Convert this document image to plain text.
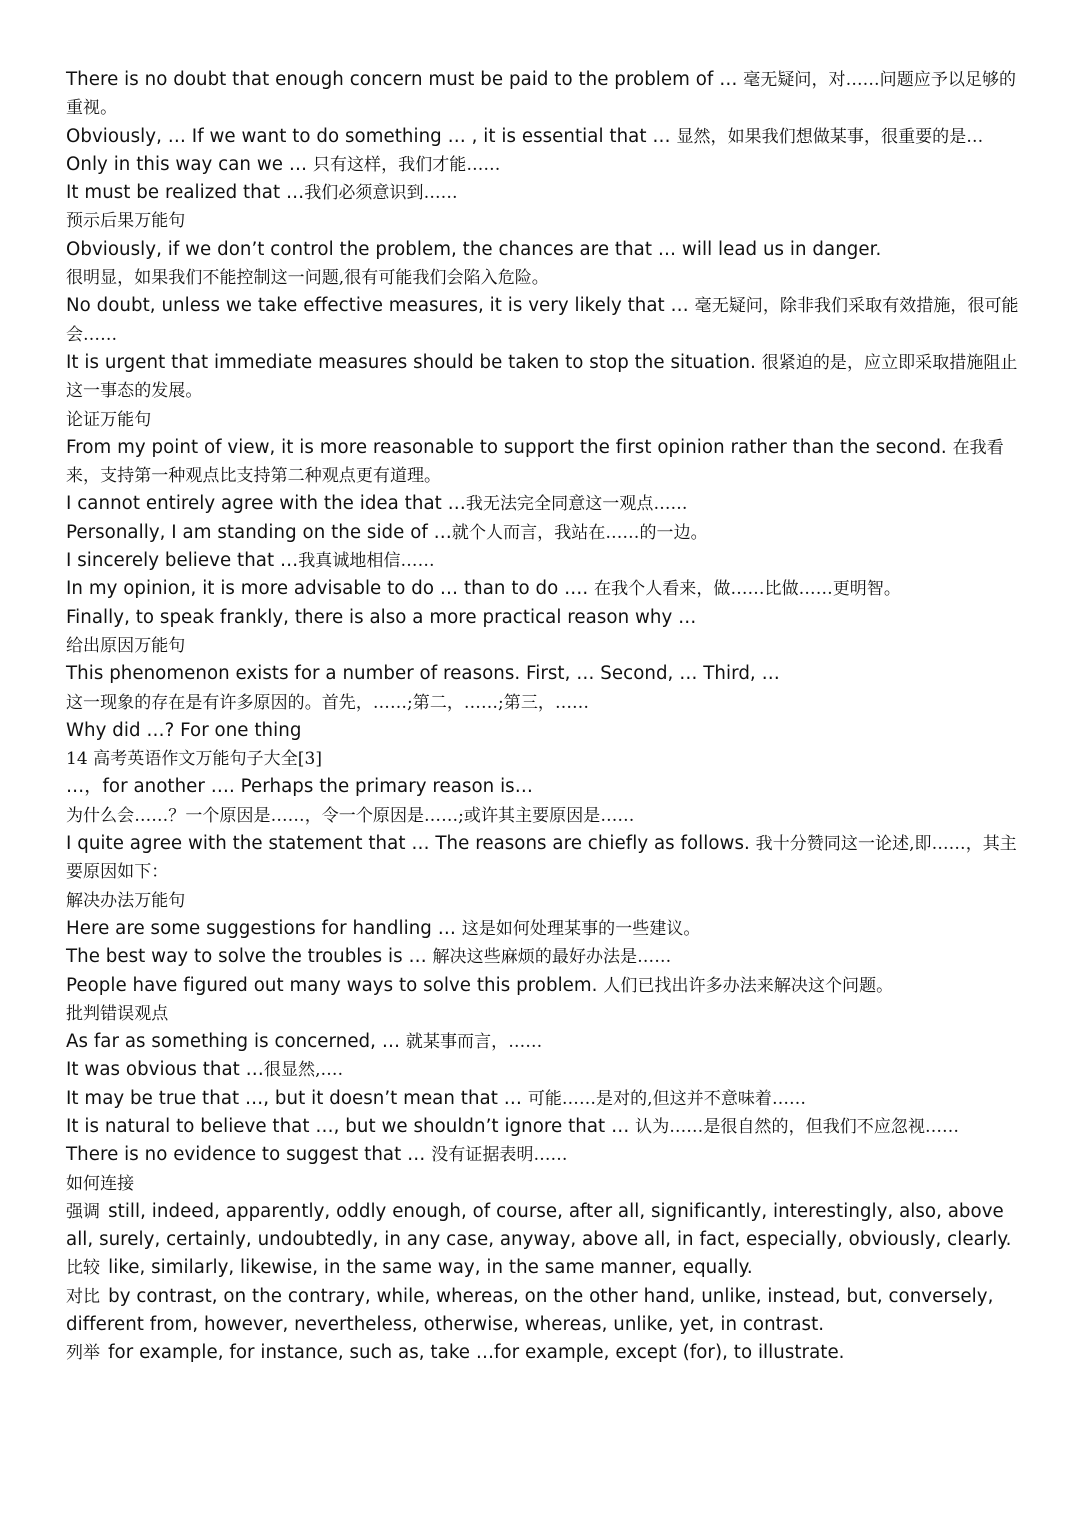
There is no doubt that enough concern must be paid to the problem of … 毫无疑问，对……问题应予以足够的重视。

Obviously, … If we want to do something … , it is essential that … 显然，如果我们想做某事，很重要的是…

Only in this way can we … 只有这样，我们才能……

It must be realized that …我们必须意识到……

预示后果万能句

Obviously, if we don’t control the problem, the chances are that … will lead us in danger.

很明显，如果我们不能控制这一问题,很有可能我们会陷入危险。

No doubt, unless we take effective measures, it is very likely that … 毫无疑问，除非我们采取有效措施，很可能会……

It is urgent that immediate measures should be taken to stop the situation. 很紧迫的是，应立即采取措施阻止这一事态的发展。

论证万能句

From my point of view, it is more reasonable to support the first opinion rather than the second. 在我看来，支持第一种观点比支持第二种观点更有道理。

I cannot entirely agree with the idea that …我无法完全同意这一观点……

Personally, I am standing on the side of …就个人而言，我站在……的一边。

I sincerely believe that …我真诚地相信……

In my opinion, it is more advisable to do … than to do …. 在我个人看来，做……比做……更明智。

Finally, to speak frankly, there is also a more practical reason why …

给出原因万能句

This phenomenon exists for a number of reasons. First, … Second, … Third, …

这一现象的存在是有许多原因的。首先，……;第二，……;第三，……

Why did …? For one thing

14 高考英语作文万能句子大全[3]

…，for another …. Perhaps the primary reason is…

为什么会……？一个原因是……，令一个原因是……;或许其主要原因是……

I quite agree with the statement that … The reasons are chiefly as follows. 我十分赞同这一论述,即……，其主要原因如下：

解决办法万能句

Here are some suggestions for handling … 这是如何处理某事的一些建议。

The best way to solve the troubles is … 解决这些麻烦的最好办法是……

People have figured out many ways to solve this problem. 人们已找出许多办法来解决这个问题。

批判错误观点

As far as something is concerned, … 就某事而言，……

It was obvious that …很显然,….

It may be true that …, but it doesn’t mean that … 可能……是对的,但这并不意味着……

It is natural to believe that …, but we shouldn’t ignore that … 认为……是很自然的，但我们不应忽视……

There is no evidence to suggest that … 没有证据表明……

如何连接

强调 still, indeed, apparently, oddly enough, of course, after all, significantly, interestingly, also, above all, surely, certainly, undoubtedly, in any case, anyway, above all, in fact, especially, obviously, clearly.

比较 like, similarly, likewise, in the same way, in the same manner, equally.

对比 by contrast, on the contrary, while, whereas, on the other hand, unlike, instead, but, conversely, different from, however, nevertheless, otherwise, whereas, unlike, yet, in contrast.

列举 for example, for instance, such as, take …for example, except (for), to illustrate.
